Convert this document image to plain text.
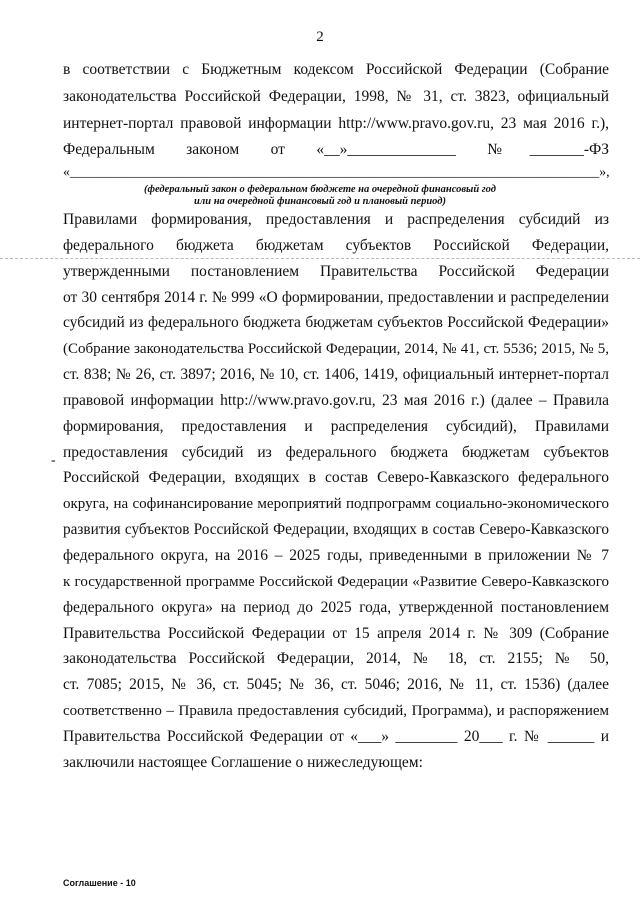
2
в соответствии с Бюджетным кодексом Российской Федерации (Собрание
законодательства Российской Федерации, 1998, № 31, ст. 3823, официальный
интернет-портал правовой информации http://www.pravo.gov.ru, 23 мая 2016 г.),
Федеральным законом от «__»______________ №_______-ФЗ
«_____________________________________________________________________________»,
(федеральный закон о федеральном бюджете на очередной финансовый год
или на очередной финансовый год и плановый период)
-
Правилами формирования, предоставления и распределения субсидий из
федерального бюджета бюджетам субъектов Российской Федерации,
утвержденными постановлением Правительства Российской Федерации
от 30 сентября 2014 г. № 999 «О формировании, предоставлении и распределении
субсидий из федерального бюджета бюджетам субъектов Российской Федерации»
(Собрание законодательства Российской Федерации, 2014, № 41, ст. 5536; 2015, № 5,
ст. 838; № 26, ст. 3897; 2016, № 10, ст. 1406, 1419, официальный интернет-портал
правовой информации http://www.pravo.gov.ru, 23 мая 2016 г.) (далее – Правила
формирования, предоставления и распределения субсидий), Правилами
предоставления субсидий из федерального бюджета бюджетам субъектов
Российской Федерации, входящих в состав Северо-Кавказского федерального
округа, на софинансирование мероприятий подпрограмм социально-экономического
развития субъектов Российской Федерации, входящих в состав Северо-Кавказского
федерального округа, на 2016 – 2025 годы, приведенными в приложении № 7
к государственной программе Российской Федерации «Развитие Северо-Кавказского
федерального округа» на период до 2025 года, утвержденной постановлением
Правительства Российской Федерации от 15 апреля 2014 г. № 309 (Собрание
законодательства Российской Федерации, 2014, № 18, ст. 2155; № 50,
ст. 7085; 2015, № 36, ст. 5045; № 36, ст. 5046; 2016, № 11, ст. 1536) (далее
соответственно – Правила предоставления субсидий, Программа), и распоряжением
Правительства Российской Федерации от «___» ________ 20___ г. № ______ и
заключили настоящее Соглашение о нижеследующем:
Соглашение - 10
